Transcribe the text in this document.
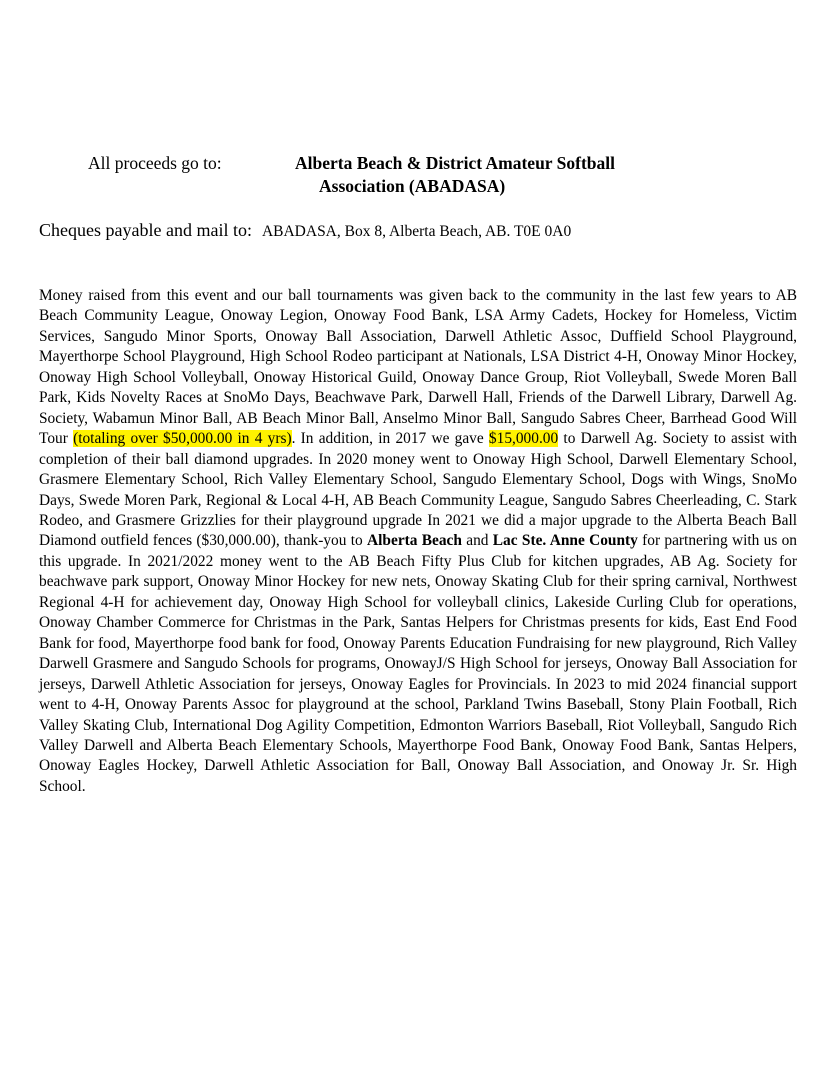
All proceeds go to:	Alberta Beach & District Amateur Softball
Association (ABADASA)
Cheques payable and mail to: ABADASA, Box 8, Alberta Beach, AB. T0E 0A0
Money raised from this event and our ball tournaments was given back to the community in the last few years to AB Beach Community League, Onoway Legion, Onoway Food Bank, LSA Army Cadets, Hockey for Homeless, Victim Services, Sangudo Minor Sports, Onoway Ball Association, Darwell Athletic Assoc, Duffield School Playground, Mayerthorpe School Playground, High School Rodeo participant at Nationals, LSA District 4-H, Onoway Minor Hockey, Onoway High School Volleyball, Onoway Historical Guild, Onoway Dance Group, Riot Volleyball, Swede Moren Ball Park, Kids Novelty Races at SnoMo Days, Beachwave Park, Darwell Hall, Friends of the Darwell Library, Darwell Ag. Society, Wabamun Minor Ball, AB Beach Minor Ball, Anselmo Minor Ball, Sangudo Sabres Cheer, Barrhead Good Will Tour (totaling over $50,000.00 in 4 yrs). In addition, in 2017 we gave $15,000.00 to Darwell Ag. Society to assist with completion of their ball diamond upgrades. In 2020 money went to Onoway High School, Darwell Elementary School, Grasmere Elementary School, Rich Valley Elementary School, Sangudo Elementary School, Dogs with Wings, SnoMo Days, Swede Moren Park, Regional & Local 4-H, AB Beach Community League, Sangudo Sabres Cheerleading, C. Stark Rodeo, and Grasmere Grizzlies for their playground upgrade In 2021 we did a major upgrade to the Alberta Beach Ball Diamond outfield fences ($30,000.00), thank-you to Alberta Beach and Lac Ste. Anne County for partnering with us on this upgrade. In 2021/2022 money went to the AB Beach Fifty Plus Club for kitchen upgrades, AB Ag. Society for beachwave park support, Onoway Minor Hockey for new nets, Onoway Skating Club for their spring carnival, Northwest Regional 4-H for achievement day, Onoway High School for volleyball clinics, Lakeside Curling Club for operations, Onoway Chamber Commerce for Christmas in the Park, Santas Helpers for Christmas presents for kids, East End Food Bank for food, Mayerthorpe food bank for food, Onoway Parents Education Fundraising for new playground, Rich Valley Darwell Grasmere and Sangudo Schools for programs, OnowayJ/S High School for jerseys, Onoway Ball Association for jerseys, Darwell Athletic Association for jerseys, Onoway Eagles for Provincials. In 2023 to mid 2024 financial support went to 4-H, Onoway Parents Assoc for playground at the school, Parkland Twins Baseball, Stony Plain Football, Rich Valley Skating Club, International Dog Agility Competition, Edmonton Warriors Baseball, Riot Volleyball, Sangudo Rich Valley Darwell and Alberta Beach Elementary Schools, Mayerthorpe Food Bank, Onoway Food Bank, Santas Helpers, Onoway Eagles Hockey, Darwell Athletic Association for Ball, Onoway Ball Association, and Onoway Jr. Sr. High School.
